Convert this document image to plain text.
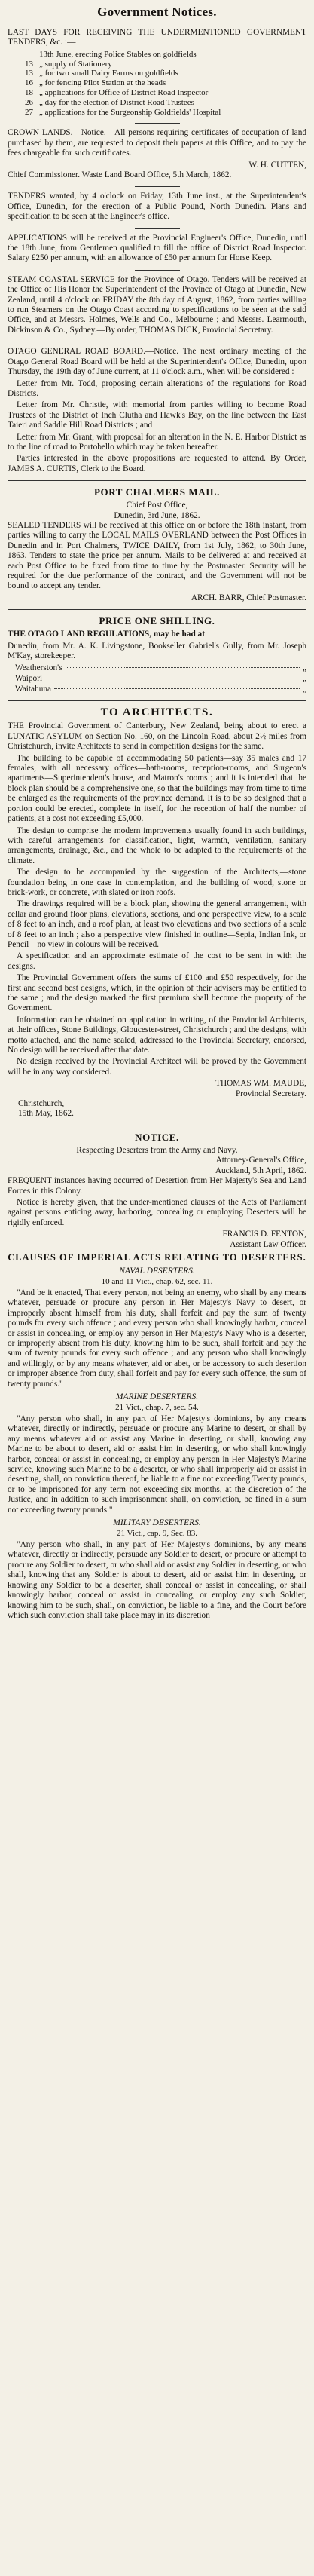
Government Notices.

LAST DAYS FOR RECEIVING THE UNDERMENTIONED GOVERNMENT TENDERS, &c. :—

	13th June, erecting Police Stables on goldfields
13	„ supply of Stationery
13	„ for two small Dairy Farms on goldfields
16	„ for fencing Pilot Station at the heads
18	„ applications for Office of District Road Inspector
26	„ day for the election of District Road Trustees
27	„ applications for the Surgeonship Goldfields' Hospital

CROWN LANDS.—Notice.—All persons requiring certificates of occupation of land purchased by them, are requested to deposit their papers at this Office, and to pay the fees chargeable for such certificates.

W. H. CUTTEN,

Chief Commissioner. Waste Land Board Office, 5th March, 1862.

TENDERS wanted, by 4 o'clock on Friday, 13th June inst., at the Superintendent's Office, Dunedin, for the erection of a Public Pound, North Dunedin. Plans and specification to be seen at the Engineer's office.

APPLICATIONS will be received at the Provincial Engineer's Office, Dunedin, until the 18th June, from Gentlemen qualified to fill the office of District Road Inspector. Salary £250 per annum, with an allowance of £50 per annum for Horse Keep.

STEAM COASTAL SERVICE for the Province of Otago. Tenders will be received at the Office of His Honor the Superintendent of the Province of Otago at Dunedin, New Zealand, until 4 o'clock on FRIDAY the 8th day of August, 1862, from parties willing to run Steamers on the Otago Coast according to specifications to be seen at the said Office, and at Messrs. Holmes, Wells and Co., Melbourne ; and Messrs. Learmouth, Dickinson & Co., Sydney.—By order, THOMAS DICK, Provincial Secretary.

OTAGO GENERAL ROAD BOARD.—Notice. The next ordinary meeting of the Otago General Road Board will be held at the Superintendent's Office, Dunedin, upon Thursday, the 19th day of June current, at 11 o'clock a.m., when will be considered :—

Letter from Mr. Todd, proposing certain alterations of the regulations for Road Districts.

Letter from Mr. Christie, with memorial from parties willing to become Road Trustees of the District of Inch Clutha and Hawk's Bay, on the line between the East Taieri and Saddle Hill Road Districts ; and

Letter from Mr. Grant, with proposal for an alteration in the N. E. Harbor District as to the line of road to Portobello which may be taken hereafter.

Parties interested in the above propositions are requested to attend. By Order, JAMES A. CURTIS, Clerk to the Board.

PORT CHALMERS MAIL.
Chief Post Office,
Dunedin, 3rd June, 1862.

SEALED TENDERS will be received at this office on or before the 18th instant, from parties willing to carry the LOCAL MAILS OVERLAND between the Post Offices in Dunedin and in Port Chalmers, TWICE DAILY, from 1st July, 1862, to 30th June, 1863. Tenders to state the price per annum. Mails to be delivered at and received at each Post Office to be fixed from time to time by the Postmaster. Security will be required for the due performance of the contract, and the Government will not be bound to accept any tender.

ARCH. BARR, Chief Postmaster.
PRICE ONE SHILLING.

THE OTAGO LAND REGULATIONS, may be had at

Dunedin, from Mr. A. K. Livingstone, Bookseller Gabriel's Gully, from Mr. Joseph M'Kay, storekeeper.

Weatherston's	„
Waipori	„
Waitahuna	„
TO ARCHITECTS.

THE Provincial Government of Canterbury, New Zealand, being about to erect a LUNATIC ASYLUM on Section No. 160, on the Lincoln Road, about 2½ miles from Christchurch, invite Architects to send in competition designs for the same.

The building to be capable of accommodating 50 patients—say 35 males and 17 females, with all necessary offices—bath-rooms, reception-rooms, and Surgeon's apartments—Superintendent's house, and Matron's rooms ; and it is intended that the block plan should be a comprehensive one, so that the buildings may from time to time be enlarged as the requirements of the province demand. It is to be so designed that a portion could be erected, complete in itself, for the reception of half the number of patients, at a cost not exceeding £5,000.

The design to comprise the modern improvements usually found in such buildings, with careful arrangements for classification, light, warmth, ventilation, sanitary arrangements, drainage, &c., and the whole to be adapted to the requirements of the climate.

The design to be accompanied by the suggestion of the Architects,—stone foundation being in one case in contemplation, and the building of wood, stone or brick-work, or concrete, with slated or iron roofs.

The drawings required will be a block plan, showing the general arrangement, with cellar and ground floor plans, elevations, sections, and one perspective view, to a scale of 8 feet to an inch, and a roof plan, at least two elevations and two sections of a scale of 8 feet to an inch ; also a perspective view finished in outline—Sepia, Indian Ink, or Pencil—no view in colours will be received.

A specification and an approximate estimate of the cost to be sent in with the designs.

The Provincial Government offers the sums of £100 and £50 respectively, for the first and second best designs, which, in the opinion of their advisers may be entitled to the same ; and the design marked the first premium shall become the property of the Government.

Information can be obtained on application in writing, of the Provincial Architects, at their offices, Stone Buildings, Gloucester-street, Christchurch ; and the designs, with motto attached, and the name sealed, addressed to the Provincial Secretary, endorsed, No design will be received after that date.

No design received by the Provincial Architect will be proved by the Government will be in any way considered.

THOMAS WM. MAUDE,
Provincial Secretary.
Christchurch,
15th May, 1862.
NOTICE.
Respecting Deserters from the Army and Navy.
Attorney-General's Office,
Auckland, 5th April, 1862.

FREQUENT instances having occurred of Desertion from Her Majesty's Sea and Land Forces in this Colony.

Notice is hereby given, that the under-mentioned clauses of the Acts of Parliament against persons enticing away, harboring, concealing or employing Deserters will be rigidly enforced.

FRANCIS D. FENTON,
Assistant Law Officer.
CLAUSES OF IMPERIAL ACTS RELATING TO DESERTERS.
NAVAL DESERTERS.
10 and 11 Vict., chap. 62, sec. 11.

"And be it enacted, That every person, not being an enemy, who shall by any means whatever, persuade or procure any person in Her Majesty's Navy to desert, or improperly absent himself from his duty, shall forfeit and pay the sum of twenty pounds for every such offence ; and every person who shall knowingly harbor, conceal or assist in concealing, or employ any person in Her Majesty's Navy who is a deserter, or improperly absent from his duty, knowing him to be such, shall forfeit and pay the sum of twenty pounds for every such offence ; and any person who shall knowingly and willingly, or by any means whatever, aid or abet, or be accessory to such desertion or improper absence from duty, shall forfeit and pay for every such offence, the sum of twenty pounds."

MARINE DESERTERS.
21 Vict., chap. 7, sec. 54.

"Any person who shall, in any part of Her Majesty's dominions, by any means whatever, directly or indirectly, persuade or procure any Marine to desert, or shall by any means whatever aid or assist any Marine in deserting, or shall, knowing any Marine to be about to desert, aid or assist him in deserting, or who shall knowingly harbor, conceal or assist in concealing, or employ any person in Her Majesty's Marine service, knowing such Marine to be a deserter, or who shall improperly aid or assist in deserting, shall, on conviction thereof, be liable to a fine not exceeding Twenty pounds, or to be imprisoned for any term not exceeding six months, at the discretion of the Justice, and in addition to such imprisonment shall, on conviction, be fined in a sum not exceeding twenty pounds."

MILITARY DESERTERS.
21 Vict., cap. 9, Sec. 83.

"Any person who shall, in any part of Her Majesty's dominions, by any means whatever, directly or indirectly, persuade any Soldier to desert, or procure or attempt to procure any Soldier to desert, or who shall aid or assist any Soldier in deserting, or who shall, knowing that any Soldier is about to desert, aid or assist him in deserting, or knowing any Soldier to be a deserter, shall conceal or assist in concealing, or shall knowingly harbor, conceal or assist in concealing, or employ any such Soldier, knowing him to be such, shall, on conviction, be liable to a fine, and the Court before which such conviction shall take place may in its discretion
